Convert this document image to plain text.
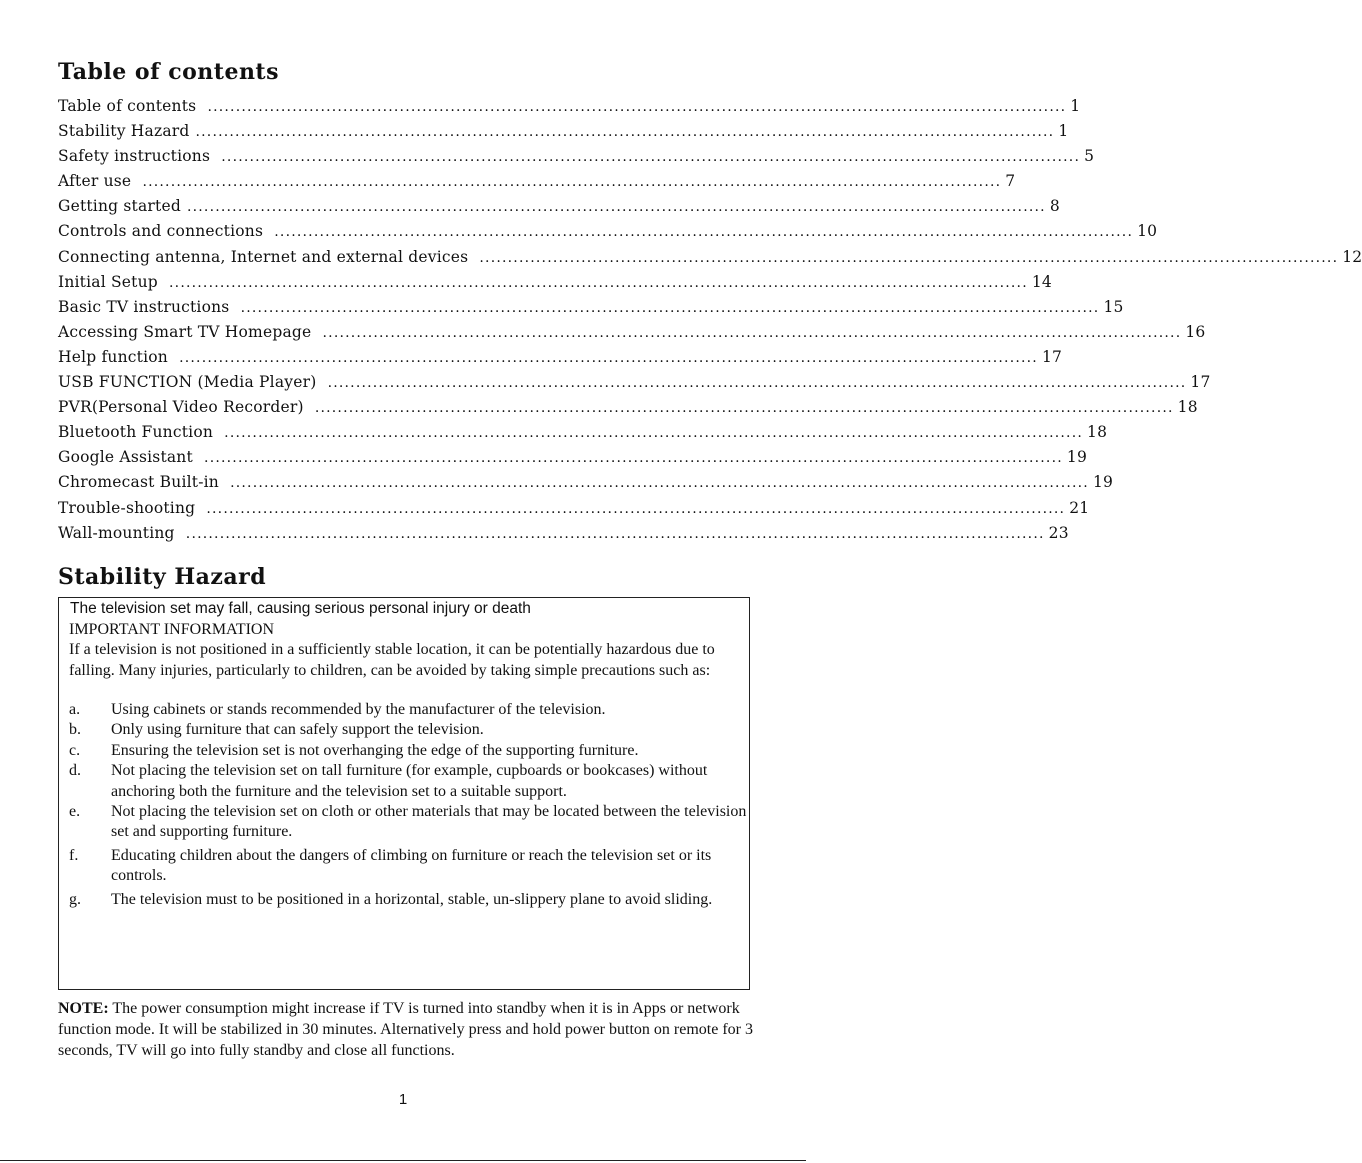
Table of contents
Table of contents ........................................................................................................................................................ 1
Stability Hazard ........................................................................................................................................................ 1
Safety instructions ........................................................................................................................................................ 5
After use ........................................................................................................................................................ 7
Getting started ........................................................................................................................................................ 8
Controls and connections ........................................................................................................................................................ 10
Connecting antenna, Internet and external devices ........................................................................................................................................................ 12
Initial Setup ........................................................................................................................................................ 14
Basic TV instructions ........................................................................................................................................................ 15
Accessing Smart TV Homepage ........................................................................................................................................................ 16
Help function ........................................................................................................................................................ 17
USB FUNCTION (Media Player) ........................................................................................................................................................ 17
PVR(Personal Video Recorder) ........................................................................................................................................................ 18
Bluetooth Function ........................................................................................................................................................ 18
Google Assistant ........................................................................................................................................................ 19
Chromecast Built-in ........................................................................................................................................................ 19
Trouble-shooting ........................................................................................................................................................ 21
Wall-mounting ........................................................................................................................................................ 23
Stability Hazard
The television set may fall, causing serious personal injury or death
IMPORTANT INFORMATION
If a television is not positioned in a sufficiently stable location, it can be potentially hazardous due to falling. Many injuries, particularly to children, can be avoided by taking simple precautions such as:
a.	Using cabinets or stands recommended by the manufacturer of the television.
b.	Only using furniture that can safely support the television.
c.	Ensuring the television set is not overhanging the edge of the supporting furniture.
d.	Not placing the television set on tall furniture (for example, cupboards or bookcases) without anchoring both the furniture and the television set to a suitable support.
e.	Not placing the television set on cloth or other materials that may be located between the television set and supporting furniture.
f.	Educating children about the dangers of climbing on furniture or reach the television set or its controls.
g.	The television must to be positioned in a horizontal, stable, un-slippery plane to avoid sliding.
NOTE: The power consumption might increase if TV is turned into standby when it is in Apps or network function mode. It will be stabilized in 30 minutes. Alternatively press and hold power button on remote for 3 seconds, TV will go into fully standby and close all functions.
1
